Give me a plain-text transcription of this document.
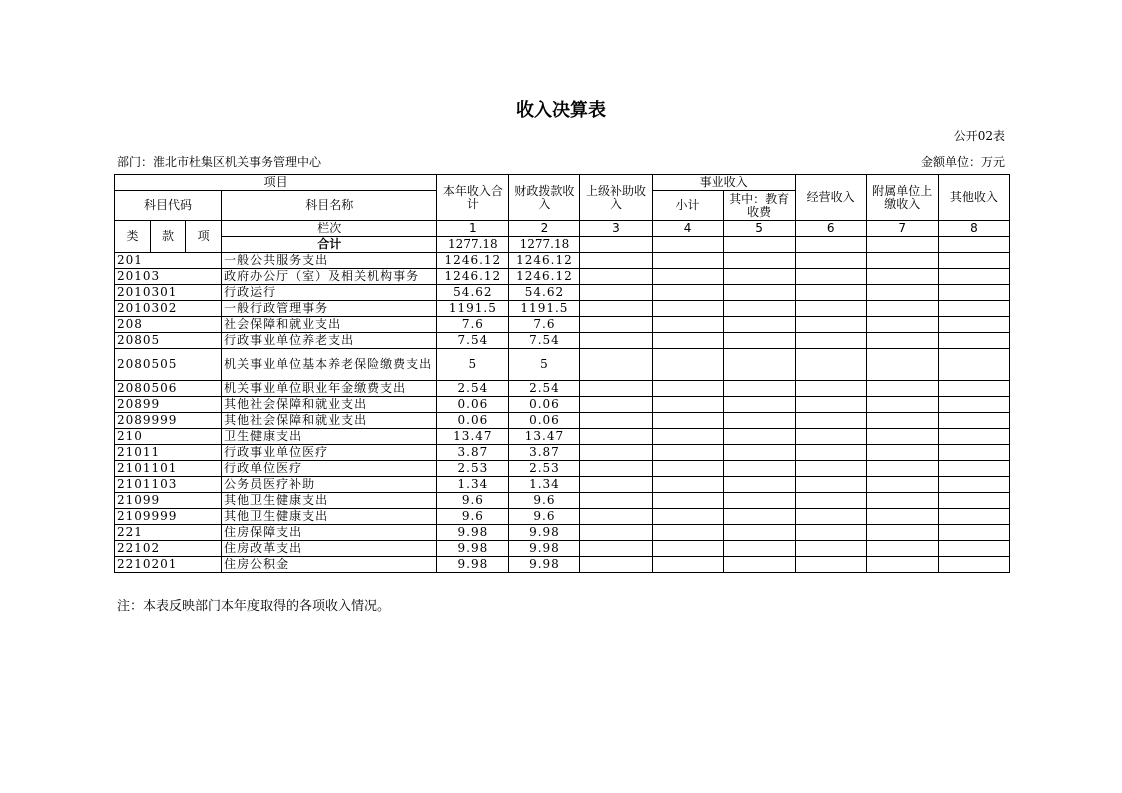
收入决算表
公开02表
部门：淮北市杜集区机关事务管理中心	金额单位：万元
项目				本年收入合计	财政拨款收入	上级补助收入	事业收入		经营收入	附属单位上缴收入	其他收入
科目代码			科目名称				小计	其中：教育收费			
类	款	项	栏次	1	2	3	4	5	6	7	8
			合计	1277.18	1277.18						
201			一般公共服务支出	1246.12	1246.12						
20103			政府办公厅（室）及相关机构事务	1246.12	1246.12						
2010301			行政运行	54.62	54.62						
2010302			一般行政管理事务	1191.5	1191.5						
208			社会保障和就业支出	7.6	7.6						
20805			行政事业单位养老支出	7.54	7.54						
2080505			机关事业单位基本养老保险缴费支出	5	5						
2080506			机关事业单位职业年金缴费支出	2.54	2.54						
20899			其他社会保障和就业支出	0.06	0.06						
2089999			其他社会保障和就业支出	0.06	0.06						
210			卫生健康支出	13.47	13.47						
21011			行政事业单位医疗	3.87	3.87						
2101101			行政单位医疗	2.53	2.53						
2101103			公务员医疗补助	1.34	1.34						
21099			其他卫生健康支出	9.6	9.6						
2109999			其他卫生健康支出	9.6	9.6						
221			住房保障支出	9.98	9.98						
22102			住房改革支出	9.98	9.98						
2210201			住房公积金	9.98	9.98						
注：本表反映部门本年度取得的各项收入情况。
